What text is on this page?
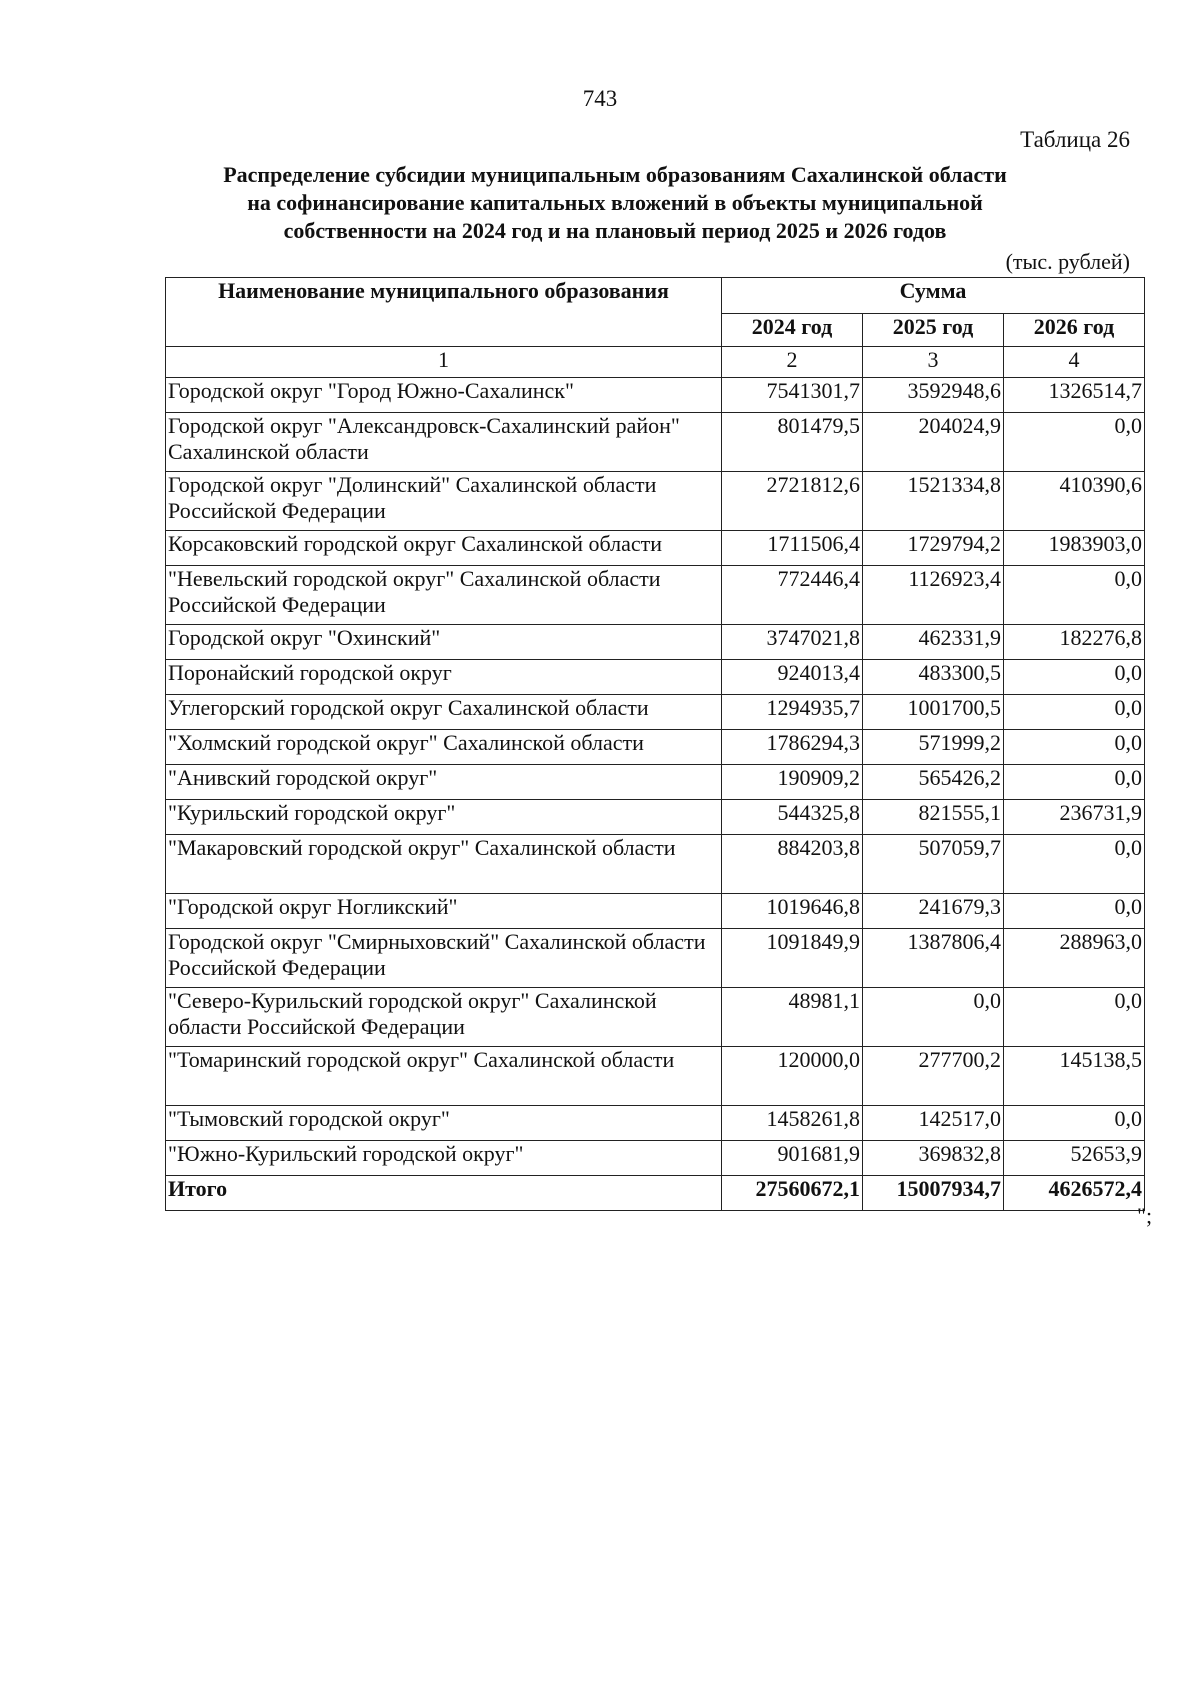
743
Таблица 26
Распределение субсидии муниципальным образованиям Сахалинской области
на софинансирование капитальных вложений в объекты муниципальной
собственности на 2024 год и на плановый период 2025 и 2026 годов
(тыс. рублей)
Наименование муниципального образования	Сумма		
	2024 год	2025 год	2026 год
1	2	3	4
Городской округ "Город Южно-Сахалинск"	7541301,7	3592948,6	1326514,7
Городской округ "Александровск-Сахалинский район" Сахалинской области	801479,5	204024,9	0,0
Городской округ "Долинский" Сахалинской области Российской Федерации	2721812,6	1521334,8	410390,6
Корсаковский городской округ Сахалинской области	1711506,4	1729794,2	1983903,0
"Невельский городской округ" Сахалинской области Российской Федерации	772446,4	1126923,4	0,0
Городской округ "Охинский"	3747021,8	462331,9	182276,8
Поронайский городской округ	924013,4	483300,5	0,0
Углегорский городской округ Сахалинской области	1294935,7	1001700,5	0,0
"Холмский городской округ" Сахалинской области	1786294,3	571999,2	0,0
"Анивский городской округ"	190909,2	565426,2	0,0
"Курильский городской округ"	544325,8	821555,1	236731,9
"Макаровский городской округ" Сахалинской области	884203,8	507059,7	0,0
"Городской округ Ногликский"	1019646,8	241679,3	0,0
Городской округ "Смирныховский" Сахалинской области Российской Федерации	1091849,9	1387806,4	288963,0
"Северо-Курильский городской округ" Сахалинской области Российской Федерации	48981,1	0,0	0,0
"Томаринский городской округ" Сахалинской области	120000,0	277700,2	145138,5
"Тымовский городской округ"	1458261,8	142517,0	0,0
"Южно-Курильский городской округ"	901681,9	369832,8	52653,9
Итого	27560672,1	15007934,7	4626572,4
";
